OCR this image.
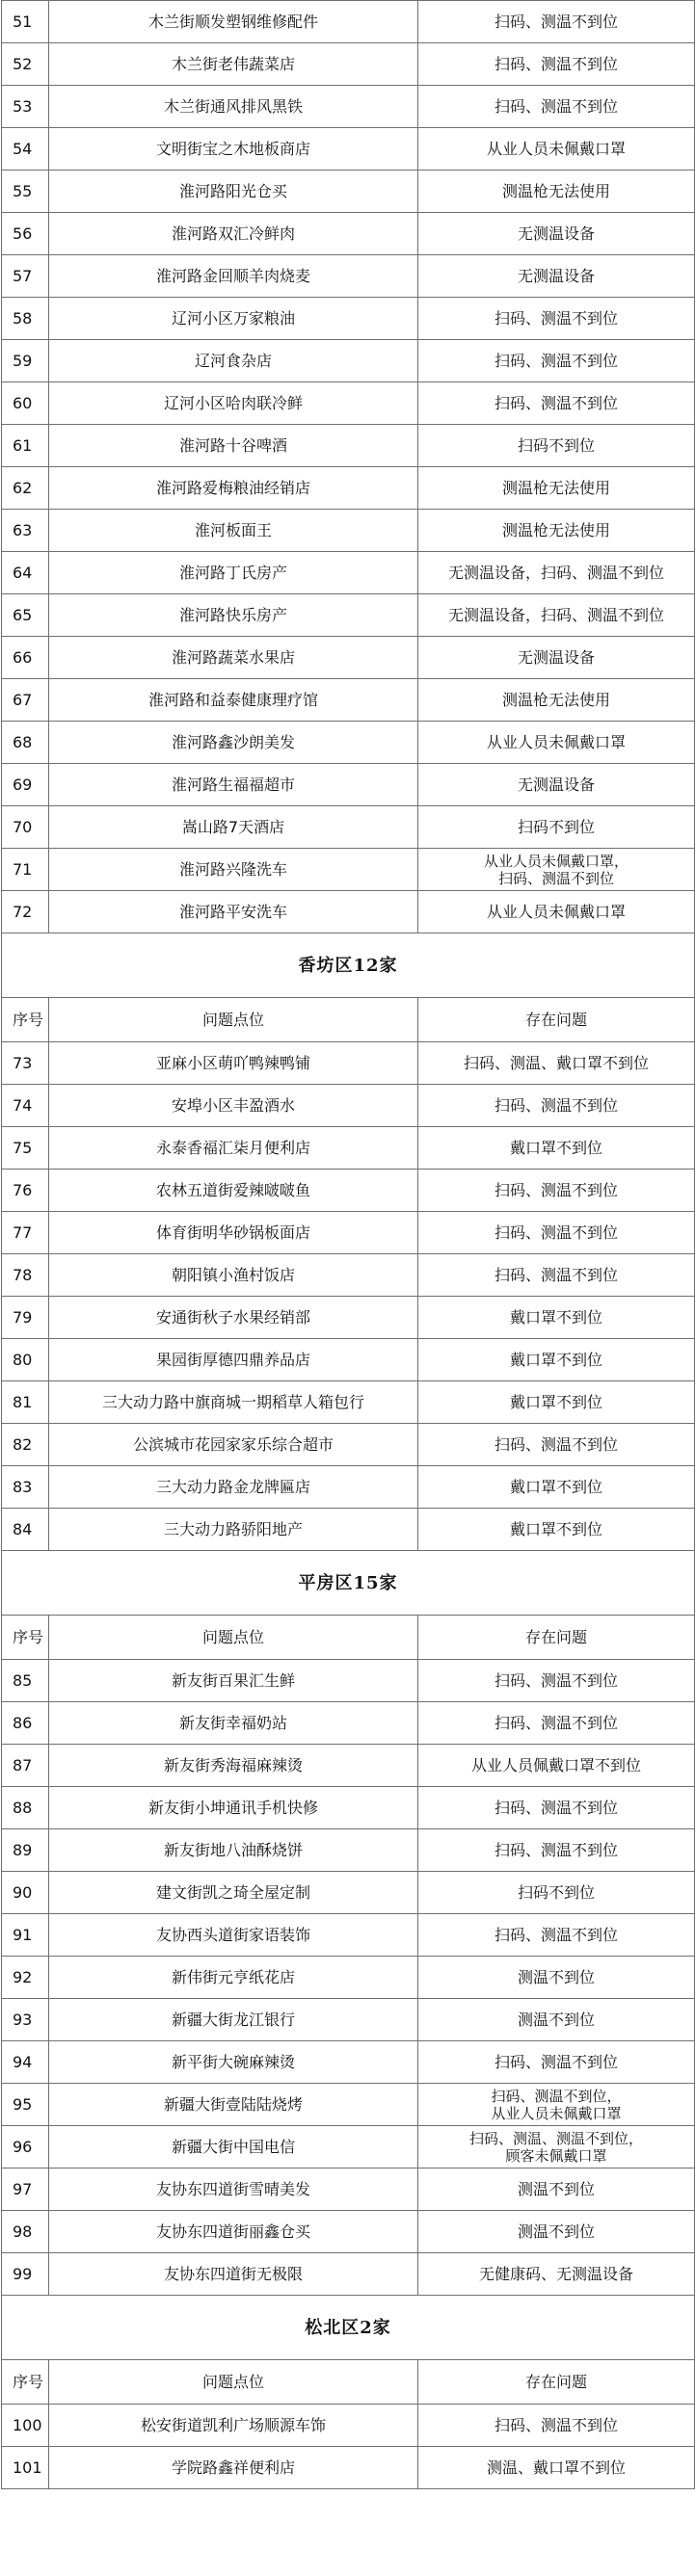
51	木兰街顺发塑钢维修配件	扫码、测温不到位
52	木兰街老伟蔬菜店	扫码、测温不到位
53	木兰街通风排风黑铁	扫码、测温不到位
54	文明街宝之木地板商店	从业人员未佩戴口罩
55	淮河路阳光仓买	测温枪无法使用
56	淮河路双汇冷鲜肉	无测温设备
57	淮河路金回顺羊肉烧麦	无测温设备
58	辽河小区万家粮油	扫码、测温不到位
59	辽河食杂店	扫码、测温不到位
60	辽河小区哈肉联冷鲜	扫码、测温不到位
61	淮河路十谷啤酒	扫码不到位
62	淮河路爱梅粮油经销店	测温枪无法使用
63	淮河板面王	测温枪无法使用
64	淮河路丁氏房产	无测温设备，扫码、测温不到位
65	淮河路快乐房产	无测温设备，扫码、测温不到位
66	淮河路蔬菜水果店	无测温设备
67	淮河路和益泰健康理疗馆	测温枪无法使用
68	淮河路鑫沙朗美发	从业人员未佩戴口罩
69	淮河路生福福超市	无测温设备
70	嵩山路7天酒店	扫码不到位
71	淮河路兴隆洗车	从业人员未佩戴口罩，
扫码、测温不到位

72	淮河路平安洗车	从业人员未佩戴口罩
香坊区12家		
序号	问题点位	存在问题
73	亚麻小区萌吖鸭辣鸭铺	扫码、测温、戴口罩不到位
74	安埠小区丰盈酒水	扫码、测温不到位
75	永泰香福汇柒月便利店	戴口罩不到位
76	农林五道街爱辣啵啵鱼	扫码、测温不到位
77	体育街明华砂锅板面店	扫码、测温不到位
78	朝阳镇小渔村饭店	扫码、测温不到位
79	安通街秋子水果经销部	戴口罩不到位
80	果园街厚德四鼎养品店	戴口罩不到位
81	三大动力路中旗商城一期稻草人箱包行	戴口罩不到位
82	公滨城市花园家家乐综合超市	扫码、测温不到位
83	三大动力路金龙牌匾店	戴口罩不到位
84	三大动力路骄阳地产	戴口罩不到位
平房区15家		
序号	问题点位	存在问题
85	新友街百果汇生鲜	扫码、测温不到位
86	新友街幸福奶站	扫码、测温不到位
87	新友街秀海福麻辣烫	从业人员佩戴口罩不到位
88	新友街小坤通讯手机快修	扫码、测温不到位
89	新友街地八油酥烧饼	扫码、测温不到位
90	建文街凯之琦全屋定制	扫码不到位
91	友协西头道街家语装饰	扫码、测温不到位
92	新伟街元亨纸花店	测温不到位
93	新疆大街龙江银行	测温不到位
94	新平街大碗麻辣烫	扫码、测温不到位
95	新疆大街壹陆陆烧烤	扫码、测温不到位，
从业人员未佩戴口罩

96	新疆大街中国电信	扫码、测温、测温不到位，
顾客未佩戴口罩

97	友协东四道街雪晴美发	测温不到位
98	友协东四道街丽鑫仓买	测温不到位
99	友协东四道街无极限	无健康码、无测温设备
松北区2家		
序号	问题点位	存在问题
100	松安街道凯利广场顺源车饰	扫码、测温不到位
101	学院路鑫祥便利店	测温、戴口罩不到位
